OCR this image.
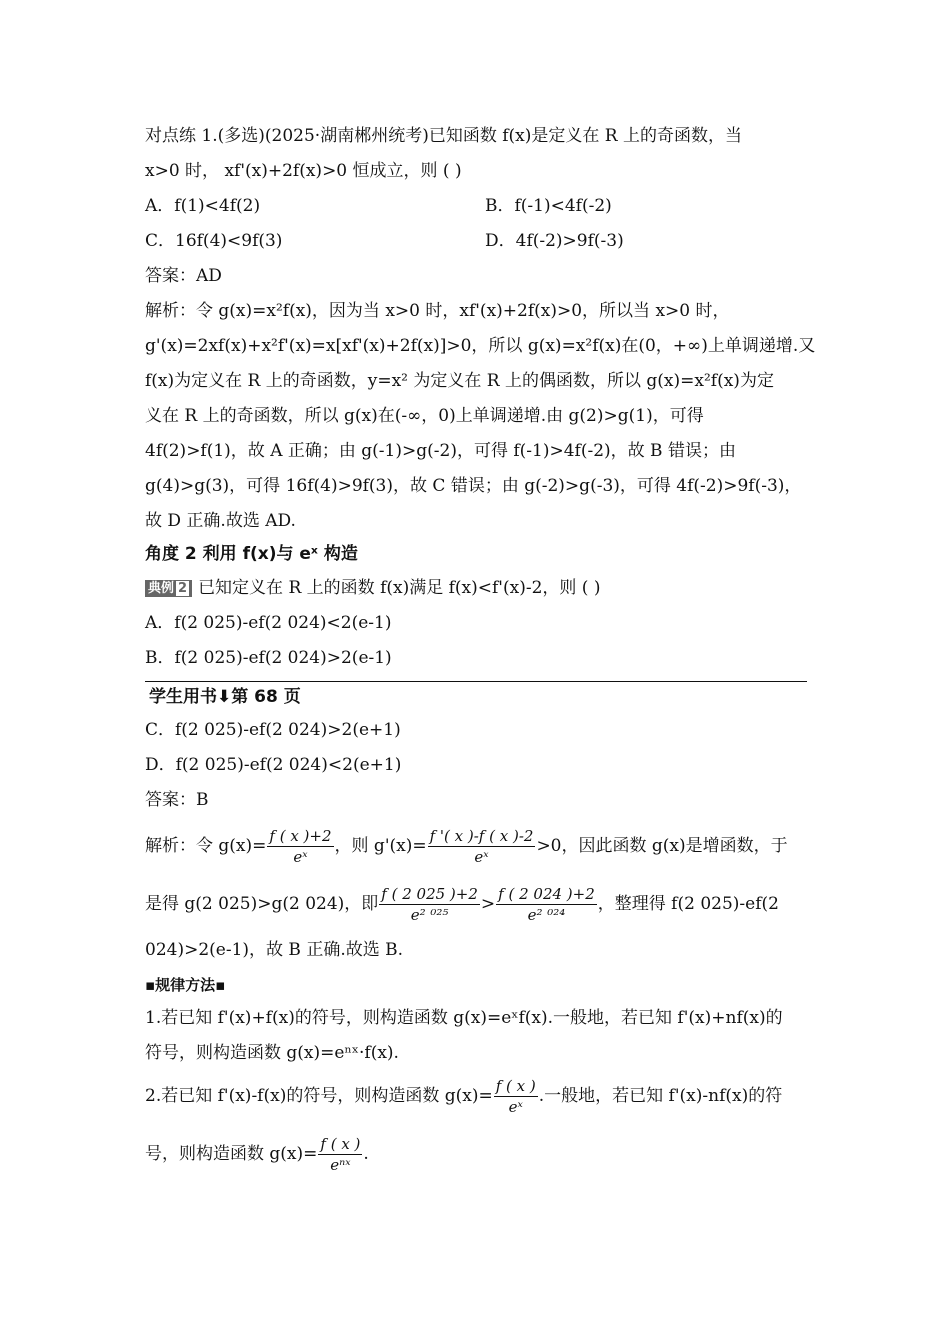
对点练 1.(多选)(2025·湖南郴州统考)已知函数 f(x)是定义在 R 上的奇函数，当
x>0 时， xf'(x)+2f(x)>0 恒成立，则 ( )
A．f(1)<4f(2)	B．f(-1)<4f(-2)
C．16f(4)<9f(3)	D．4f(-2)>9f(-3)
答案：AD
解析：令 g(x)=x²f(x)，因为当 x>0 时，xf'(x)+2f(x)>0，所以当 x>0 时，
g'(x)=2xf(x)+x²f'(x)=x[xf'(x)+2f(x)]>0，所以 g(x)=x²f(x)在(0，+∞)上单调递增.又
f(x)为定义在 R 上的奇函数，y=x² 为定义在 R 上的偶函数，所以 g(x)=x²f(x)为定
义在 R 上的奇函数，所以 g(x)在(-∞，0)上单调递增.由 g(2)>g(1)，可得
4f(2)>f(1)，故 A 正确；由 g(-1)>g(-2)，可得 f(-1)>4f(-2)，故 B 错误；由
g(4)>g(3)，可得 16f(4)>9f(3)，故 C 错误；由 g(-2)>g(-3)，可得 4f(-2)>9f(-3)，
故 D 正确.故选 AD.
角度 2 利用 f(x)与 eˣ 构造
典例 2 已知定义在 R 上的函数 f(x)满足 f(x)<f'(x)-2，则 ( )
A．f(2 025)-ef(2 024)<2(e-1)
B．f(2 025)-ef(2 024)>2(e-1)
学生用书⬇第 68 页
C．f(2 025)-ef(2 024)>2(e+1)
D．f(2 025)-ef(2 024)<2(e+1)
答案：B
解析：令 $g(x)= \frac{f ( x )+2}{\text{eˣ}}$ ，则 $g'(x)= \frac{f '( x )-f ( x )-2}{\text{eˣ}} >0$，因此函数 g(x)是增函数，于
是得 g(2 025)>g(2 024)，即 $\frac{f ( 2 025 )+2}{\text{e² ⁰²⁵}} > \frac{f ( 2 024 )+2}{\text{e² ⁰²⁴}}$ ，整理得 f(2 025)-ef(2
024)>2(e-1)，故 B 正确.故选 B.
▪规律方法▪
1.若已知 f'(x)+f(x)的符号，则构造函数 g(x)=eˣf(x).一般地，若已知 f'(x)+nf(x)的
符号，则构造函数 g(x)=eⁿˣ·f(x).
2.若已知 f'(x)-f(x)的符号，则构造函数 $g(x)= \frac{f ( x )}{\text{eˣ}}$ .一般地，若已知 f'(x)-nf(x)的符
号，则构造函数 $g(x)= \frac{f ( x )}{\text{eⁿˣ}}$ .
